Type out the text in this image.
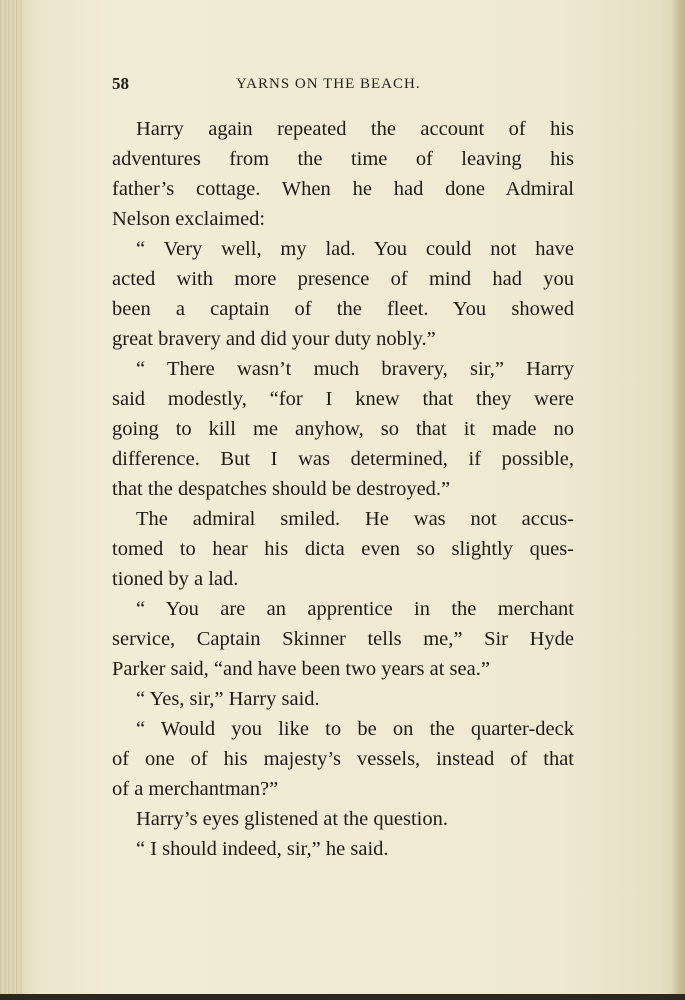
58	YARNS ON THE BEACH.
Harry again repeated the account of his
adventures from the time of leaving his
father’s cottage. When he had done Admiral
Nelson exclaimed:
“ Very well, my lad. You could not have
acted with more presence of mind had you
been a captain of the fleet. You showed
great bravery and did your duty nobly.”
“ There wasn’t much bravery, sir,” Harry
said modestly, “for I knew that they were
going to kill me anyhow, so that it made no
difference. But I was determined, if possible,
that the despatches should be destroyed.”
The admiral smiled. He was not accus-
tomed to hear his dicta even so slightly ques-
tioned by a lad.
“ You are an apprentice in the merchant
service, Captain Skinner tells me,” Sir Hyde
Parker said, “and have been two years at sea.”
“ Yes, sir,” Harry said.
“ Would you like to be on the quarter-deck
of one of his majesty’s vessels, instead of that
of a merchantman?”
Harry’s eyes glistened at the question.
“ I should indeed, sir,” he said.
